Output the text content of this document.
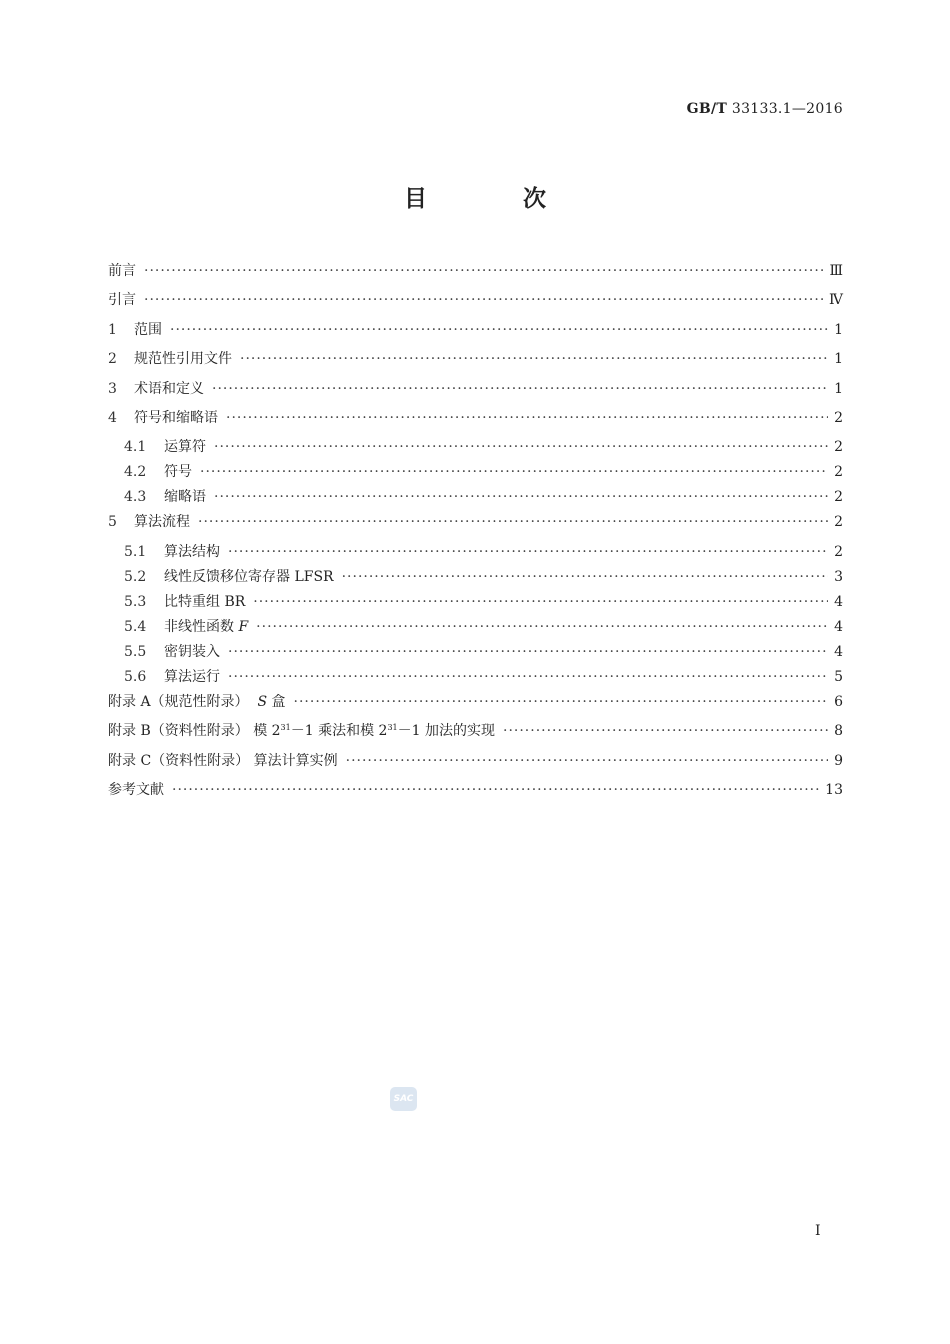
GB/T 33133.1—2016
目 次
前言 ·····	Ⅲ
引言 ·····	Ⅳ
1	范围 ·····	1
2	规范性引用文件 ·····	1
3	术语和定义 ·····	1
4	符号和缩略语 ·····	2
4.1	运算符 ·····	2
4.2	符号 ·····	2
4.3	缩略语 ·····	2
5	算法流程 ·····	2
5.1	算法结构 ·····	2
5.2	线性反馈移位寄存器 LFSR ·····	3
5.3	比特重组 BR ·····	4
5.4	非线性函数 F ·····	4
5.5	密钥装入 ·····	4
5.6	算法运行 ·····	5
附录 A（规范性附录） S 盒 ·····	6
附录 B（资料性附录） 模 $2^{31}-1$ 乘法和模 $2^{31}-1$ 加法的实现 ·····	8
附录 C（资料性附录） 算法计算实例 ·····	9
参考文献 ·····	13
SAC
I
